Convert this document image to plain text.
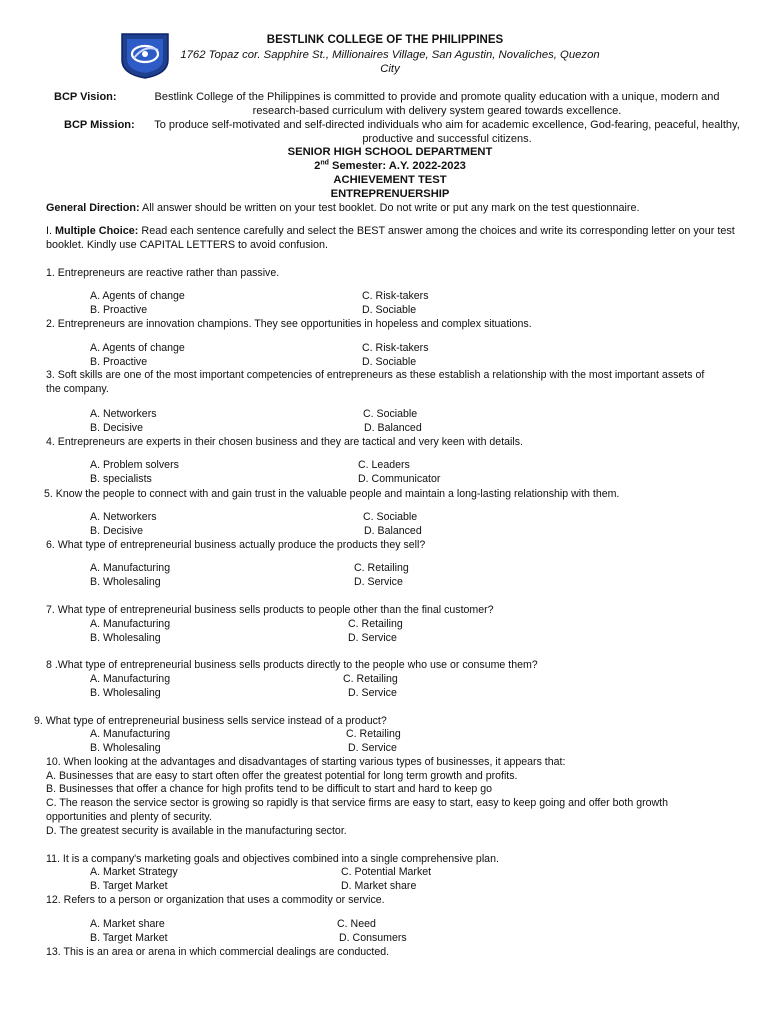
BESTLINK COLLEGE OF THE PHILIPPINES
1762 Topaz cor. Sapphire St., Millionaires Village, San Agustin, Novaliches, Quezon City
BCP Vision:	Bestlink College of the Philippines is committed to provide and promote quality education with a unique, modern and research-based curriculum with delivery system geared towards excellence.
BCP Mission:	To produce self-motivated and self-directed individuals who aim for academic excellence, God-fearing, peaceful, healthy, productive and successful citizens.
SENIOR HIGH SCHOOL DEPARTMENT
2nd Semester: A.Y. 2022-2023
ACHIEVEMENT TEST
ENTREPRENUERSHIP
General Direction: All answer should be written on your test booklet. Do not write or put any mark on the test questionnaire.
I. Multiple Choice: Read each sentence carefully and select the BEST answer among the choices and write its corresponding letter on your test booklet. Kindly use CAPITAL LETTERS to avoid confusion.
1. Entrepreneurs are reactive rather than passive.
A. Agents of change
B. Proactive
C. Risk-takers
D. Sociable
2. Entrepreneurs are innovation champions. They see opportunities in hopeless and complex situations.
A. Agents of change
B. Proactive
C. Risk-takers
D. Sociable
3. Soft skills are one of the most important competencies of entrepreneurs as these establish a relationship with the most important assets of the company.
A. Networkers
B. Decisive
C. Sociable
D. Balanced
4. Entrepreneurs are experts in their chosen business and they are tactical and very keen with details.
A. Problem solvers
B. specialists
C. Leaders
D. Communicator
5. Know the people to connect with and gain trust in the valuable people and maintain a long-lasting relationship with them.
A. Networkers
B. Decisive
C. Sociable
D. Balanced
6. What type of entrepreneurial business actually produce the products they sell?
A. Manufacturing
B. Wholesaling
C. Retailing
D. Service
7. What type of entrepreneurial business sells products to people other than the final customer?
A. Manufacturing
B. Wholesaling
C. Retailing
D. Service
8 .What type of entrepreneurial business sells products directly to the people who use or consume them?
A. Manufacturing
B. Wholesaling
C. Retailing
D. Service
9. What type of entrepreneurial business sells service instead of a product?
A. Manufacturing
B. Wholesaling
C. Retailing
D. Service
10. When looking at the advantages and disadvantages of starting various types of businesses, it appears that:
A. Businesses that are easy to start often offer the greatest potential for long term growth and profits.
B. Businesses that offer a chance for high profits tend to be difficult to start and hard to keep go
C. The reason the service sector is growing so rapidly is that service firms are easy to start, easy to keep going and offer both growth opportunities and plenty of security.
D. The greatest security is available in the manufacturing sector.
11. It is a company's marketing goals and objectives combined into a single comprehensive plan.
A. Market Strategy
B. Target Market
C. Potential Market
D. Market share
12. Refers to a person or organization that uses a commodity or service.
A. Market share
B. Target Market
C. Need
D. Consumers
13. This is an area or arena in which commercial dealings are conducted.
